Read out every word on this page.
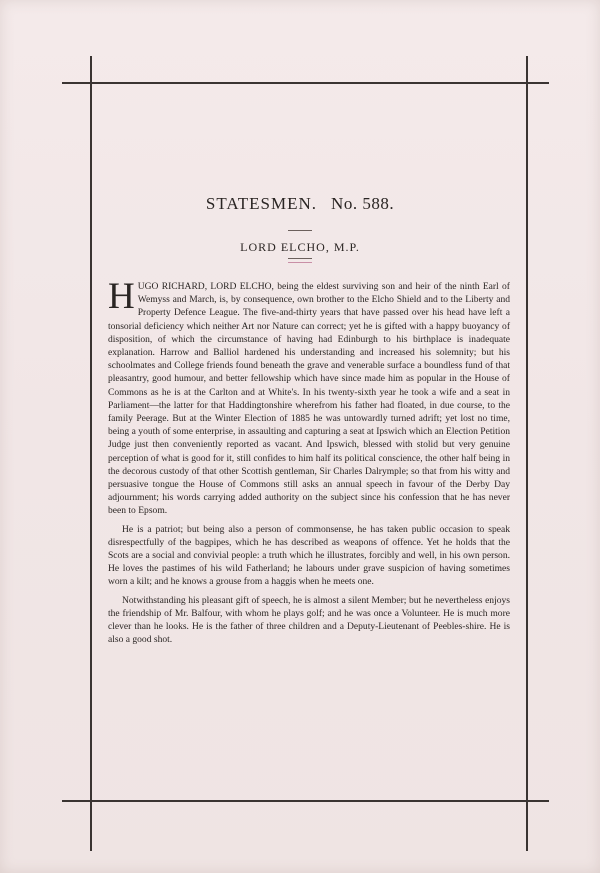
STATESMEN. No. 588.
LORD ELCHO, M.P.

HUGO RICHARD, LORD ELCHO, being the eldest surviving son and heir of the ninth Earl of Wemyss and March, is, by consequence, own brother to the Elcho Shield and to the Liberty and Property Defence League. The five-and-thirty years that have passed over his head have left a tonsorial deficiency which neither Art nor Nature can correct; yet he is gifted with a happy buoyancy of disposition, of which the circumstance of having had Edinburgh to his birthplace is inadequate explanation. Harrow and Balliol hardened his understanding and increased his solemnity; but his schoolmates and College friends found beneath the grave and venerable surface a boundless fund of that pleasantry, good humour, and better fellowship which have since made him as popular in the House of Commons as he is at the Carlton and at White's. In his twenty-sixth year he took a wife and a seat in Parliament—the latter for that Haddingtonshire wherefrom his father had floated, in due course, to the family Peerage. But at the Winter Election of 1885 he was untowardly turned adrift; yet lost no time, being a youth of some enterprise, in assaulting and capturing a seat at Ipswich which an Election Petition Judge just then conveniently reported as vacant. And Ipswich, blessed with stolid but very genuine perception of what is good for it, still confides to him half its political conscience, the other half being in the decorous custody of that other Scottish gentleman, Sir Charles Dalrymple; so that from his witty and persuasive tongue the House of Commons still asks an annual speech in favour of the Derby Day adjournment; his words carrying added authority on the subject since his confession that he has never been to Epsom.

He is a patriot; but being also a person of commonsense, he has taken public occasion to speak disrespectfully of the bagpipes, which he has described as weapons of offence. Yet he holds that the Scots are a social and convivial people: a truth which he illustrates, forcibly and well, in his own person. He loves the pastimes of his wild Fatherland; he labours under grave suspicion of having sometimes worn a kilt; and he knows a grouse from a haggis when he meets one.

Notwithstanding his pleasant gift of speech, he is almost a silent Member; but he nevertheless enjoys the friendship of Mr. Balfour, with whom he plays golf; and he was once a Volunteer. He is much more clever than he looks. He is the father of three children and a Deputy-Lieutenant of Peebles-shire. He is also a good shot.
